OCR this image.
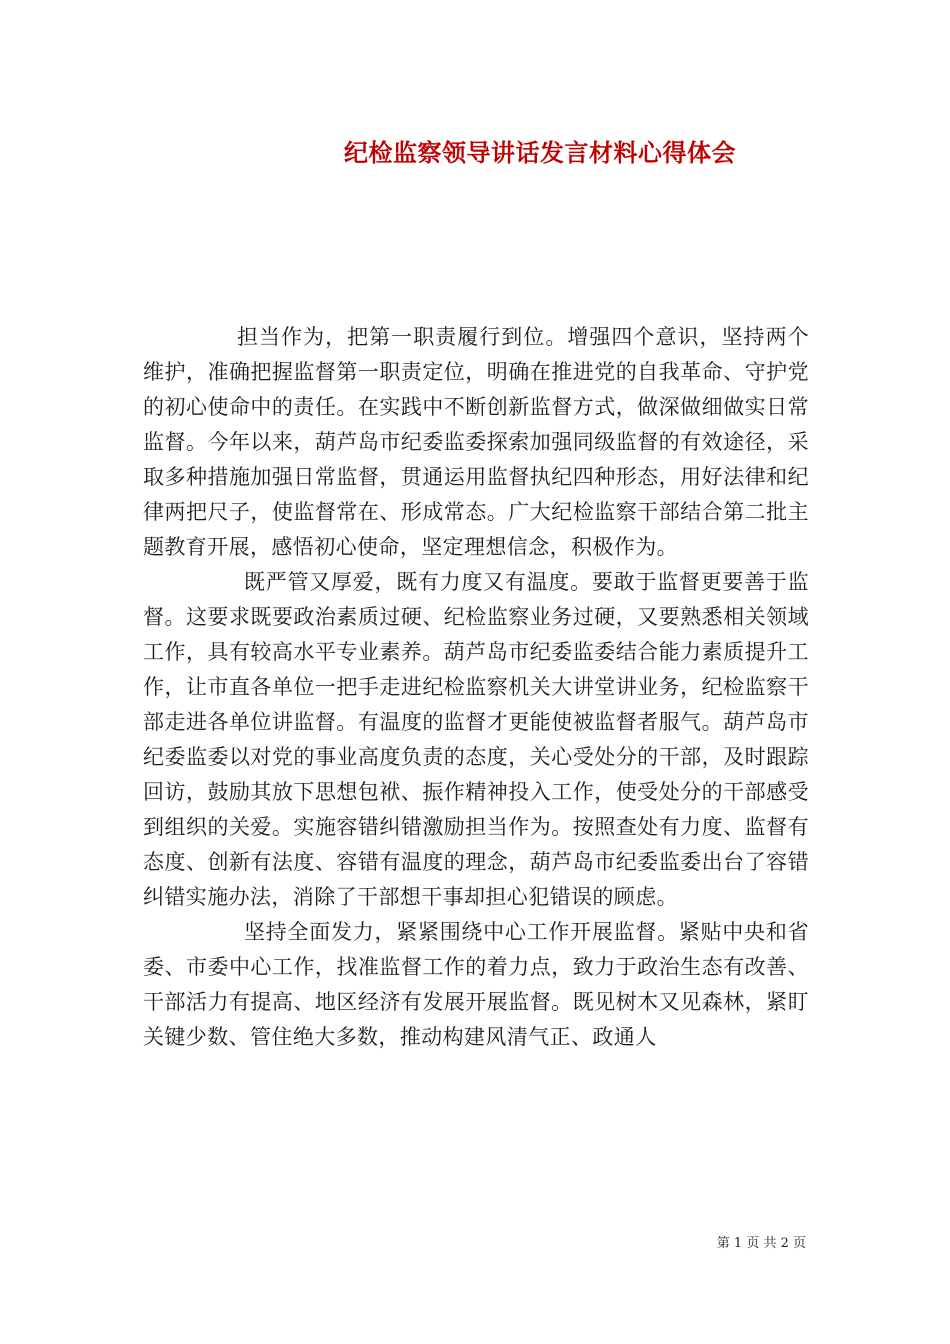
纪检监察领导讲话发言材料心得体会

担当作为，把第一职责履行到位。增强四个意识，坚持两个维护，准确把握监督第一职责定位，明确在推进党的自我革命、守护党的初心使命中的责任。在实践中不断创新监督方式，做深做细做实日常监督。今年以来，葫芦岛市纪委监委探索加强同级监督的有效途径，采取多种措施加强日常监督，贯通运用监督执纪四种形态，用好法律和纪律两把尺子，使监督常在、形成常态。广大纪检监察干部结合第二批主题教育开展，感悟初心使命，坚定理想信念，积极作为。

既严管又厚爱，既有力度又有温度。要敢于监督更要善于监督。这要求既要政治素质过硬、纪检监察业务过硬，又要熟悉相关领域工作，具有较高水平专业素养。葫芦岛市纪委监委结合能力素质提升工作，让市直各单位一把手走进纪检监察机关大讲堂讲业务，纪检监察干部走进各单位讲监督。有温度的监督才更能使被监督者服气。葫芦岛市纪委监委以对党的事业高度负责的态度，关心受处分的干部，及时跟踪回访，鼓励其放下思想包袱、振作精神投入工作，使受处分的干部感受到组织的关爱。实施容错纠错激励担当作为。按照查处有力度、监督有态度、创新有法度、容错有温度的理念，葫芦岛市纪委监委出台了容错纠错实施办法，消除了干部想干事却担心犯错误的顾虑。

坚持全面发力，紧紧围绕中心工作开展监督。紧贴中央和省委、市委中心工作，找准监督工作的着力点，致力于政治生态有改善、干部活力有提高、地区经济有发展开展监督。既见树木又见森林，紧盯关键少数、管住绝大多数，推动构建风清气正、政通人

第 1 页 共 2 页
